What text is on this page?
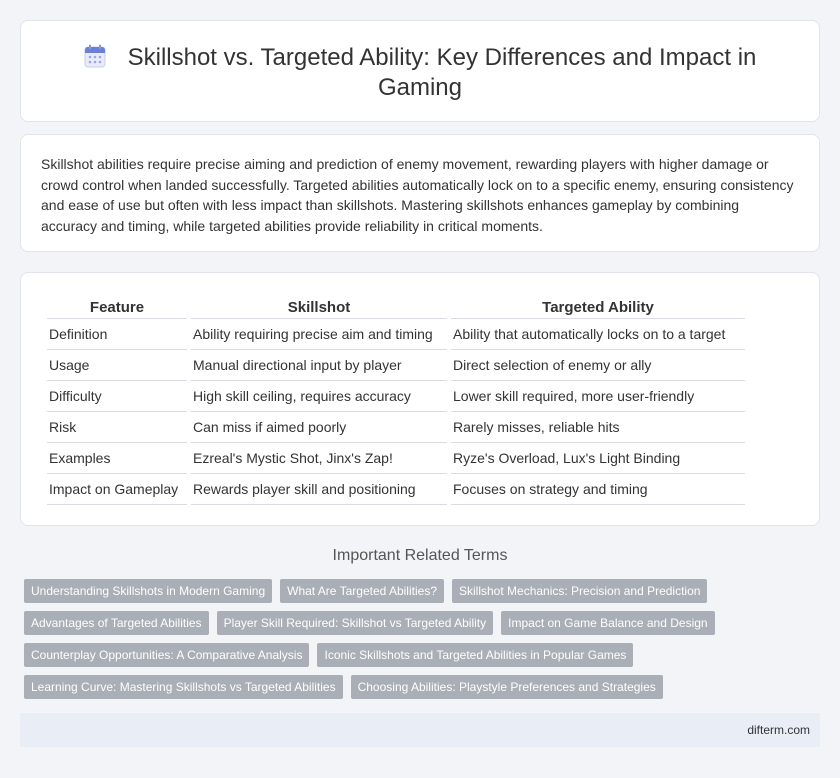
Skillshot vs. Targeted Ability: Key Differences and Impact in Gaming

Skillshot abilities require precise aiming and prediction of enemy movement, rewarding players with higher damage or crowd control when landed successfully. Targeted abilities automatically lock on to a specific enemy, ensuring consistency and ease of use but often with less impact than skillshots. Mastering skillshots enhances gameplay by combining accuracy and timing, while targeted abilities provide reliability in critical moments.

Feature	Skillshot	Targeted Ability
Definition	Ability requiring precise aim and timing	Ability that automatically locks on to a target
Usage	Manual directional input by player	Direct selection of enemy or ally
Difficulty	High skill ceiling, requires accuracy	Lower skill required, more user-friendly
Risk	Can miss if aimed poorly	Rarely misses, reliable hits
Examples	Ezreal's Mystic Shot, Jinx's Zap!	Ryze's Overload, Lux's Light Binding
Impact on Gameplay	Rewards player skill and positioning	Focuses on strategy and timing
Important Related Terms
Understanding Skillshots in Modern Gaming	What Are Targeted Abilities?	Skillshot Mechanics: Precision and Prediction
Advantages of Targeted Abilities	Player Skill Required: Skillshot vs Targeted Ability	Impact on Game Balance and Design
Counterplay Opportunities: A Comparative Analysis	Iconic Skillshots and Targeted Abilities in Popular Games
Learning Curve: Mastering Skillshots vs Targeted Abilities	Choosing Abilities: Playstyle Preferences and Strategies
difterm.com
